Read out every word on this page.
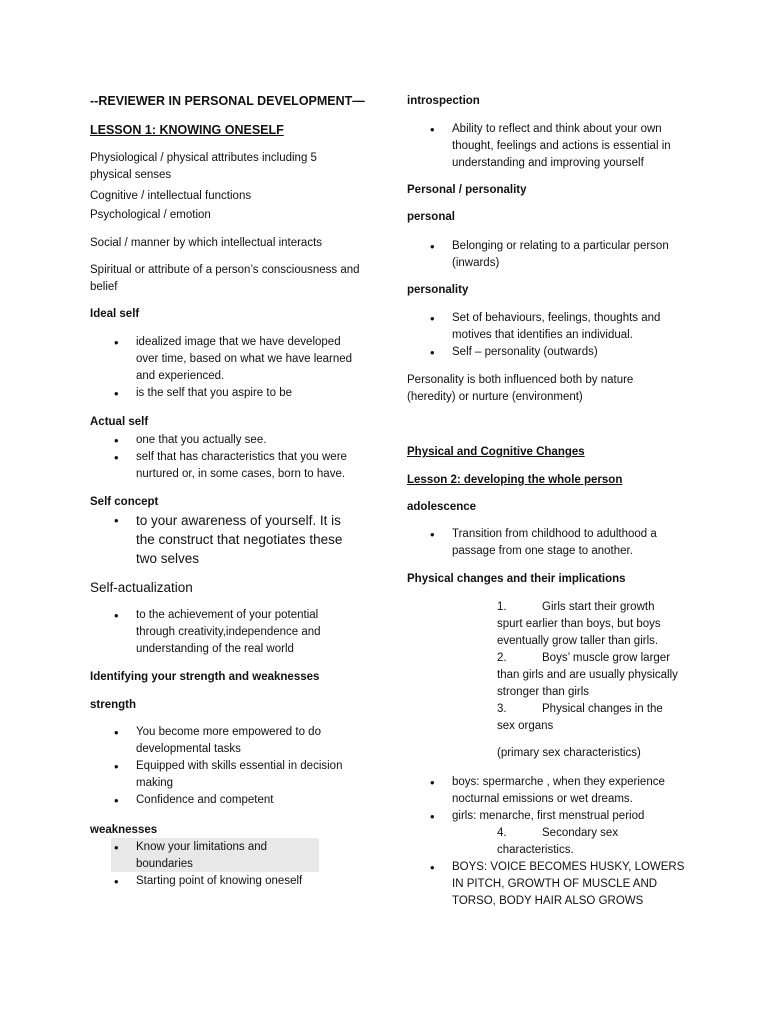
--REVIEWER IN PERSONAL DEVELOPMENT—
LESSON 1: KNOWING ONESELF
Physiological / physical attributes including 5 physical senses
Cognitive / intellectual functions
Psychological / emotion
Social / manner by which intellectual interacts
Spiritual or attribute of a person’s consciousness and belief
Ideal self
• idealized image that we have developed over time, based on what we have learned and experienced.
• is the self that you aspire to be
Actual self
• one that you actually see.
• self that has characteristics that you were nurtured or, in some cases, born to have.
Self concept
• to your awareness of yourself. It is the construct that negotiates these two selves
Self-actualization
• to the achievement of your potential through creativity,independence and understanding of the real world
Identifying your strength and weaknesses
strength
• You become more empowered to do developmental tasks
• Equipped with skills essential in decision making
• Confidence and competent
weaknesses
• Know your limitations and boundaries
• Starting point of knowing oneself
introspection
• Ability to reflect and think about your own thought, feelings and actions is essential in understanding and improving yourself
Personal / personality
personal
• Belonging or relating to a particular person (inwards)
personality
• Set of behaviours, feelings, thoughts and motives that identifies an individual.
• Self – personality (outwards)
Personality is both influenced both by nature (heredity) or nurture (environment)
Physical and Cognitive Changes
Lesson 2: developing the whole person
adolescence
• Transition from childhood to adulthood a passage from one stage to another.
Physical changes and their implications
1.	Girls start their growth spurt earlier than boys, but boys eventually grow taller than girls.
2.	Boys’ muscle grow larger than girls and are usually physically stronger than girls
3.	Physical changes in the sex organs
(primary sex characteristics)
• boys: spermarche , when they experience nocturnal emissions or wet dreams.
• girls: menarche, first menstrual period
4.	Secondary sex characteristics.
• BOYS: VOICE BECOMES HUSKY, LOWERS IN PITCH, GROWTH OF MUSCLE AND TORSO, BODY HAIR ALSO GROWS
